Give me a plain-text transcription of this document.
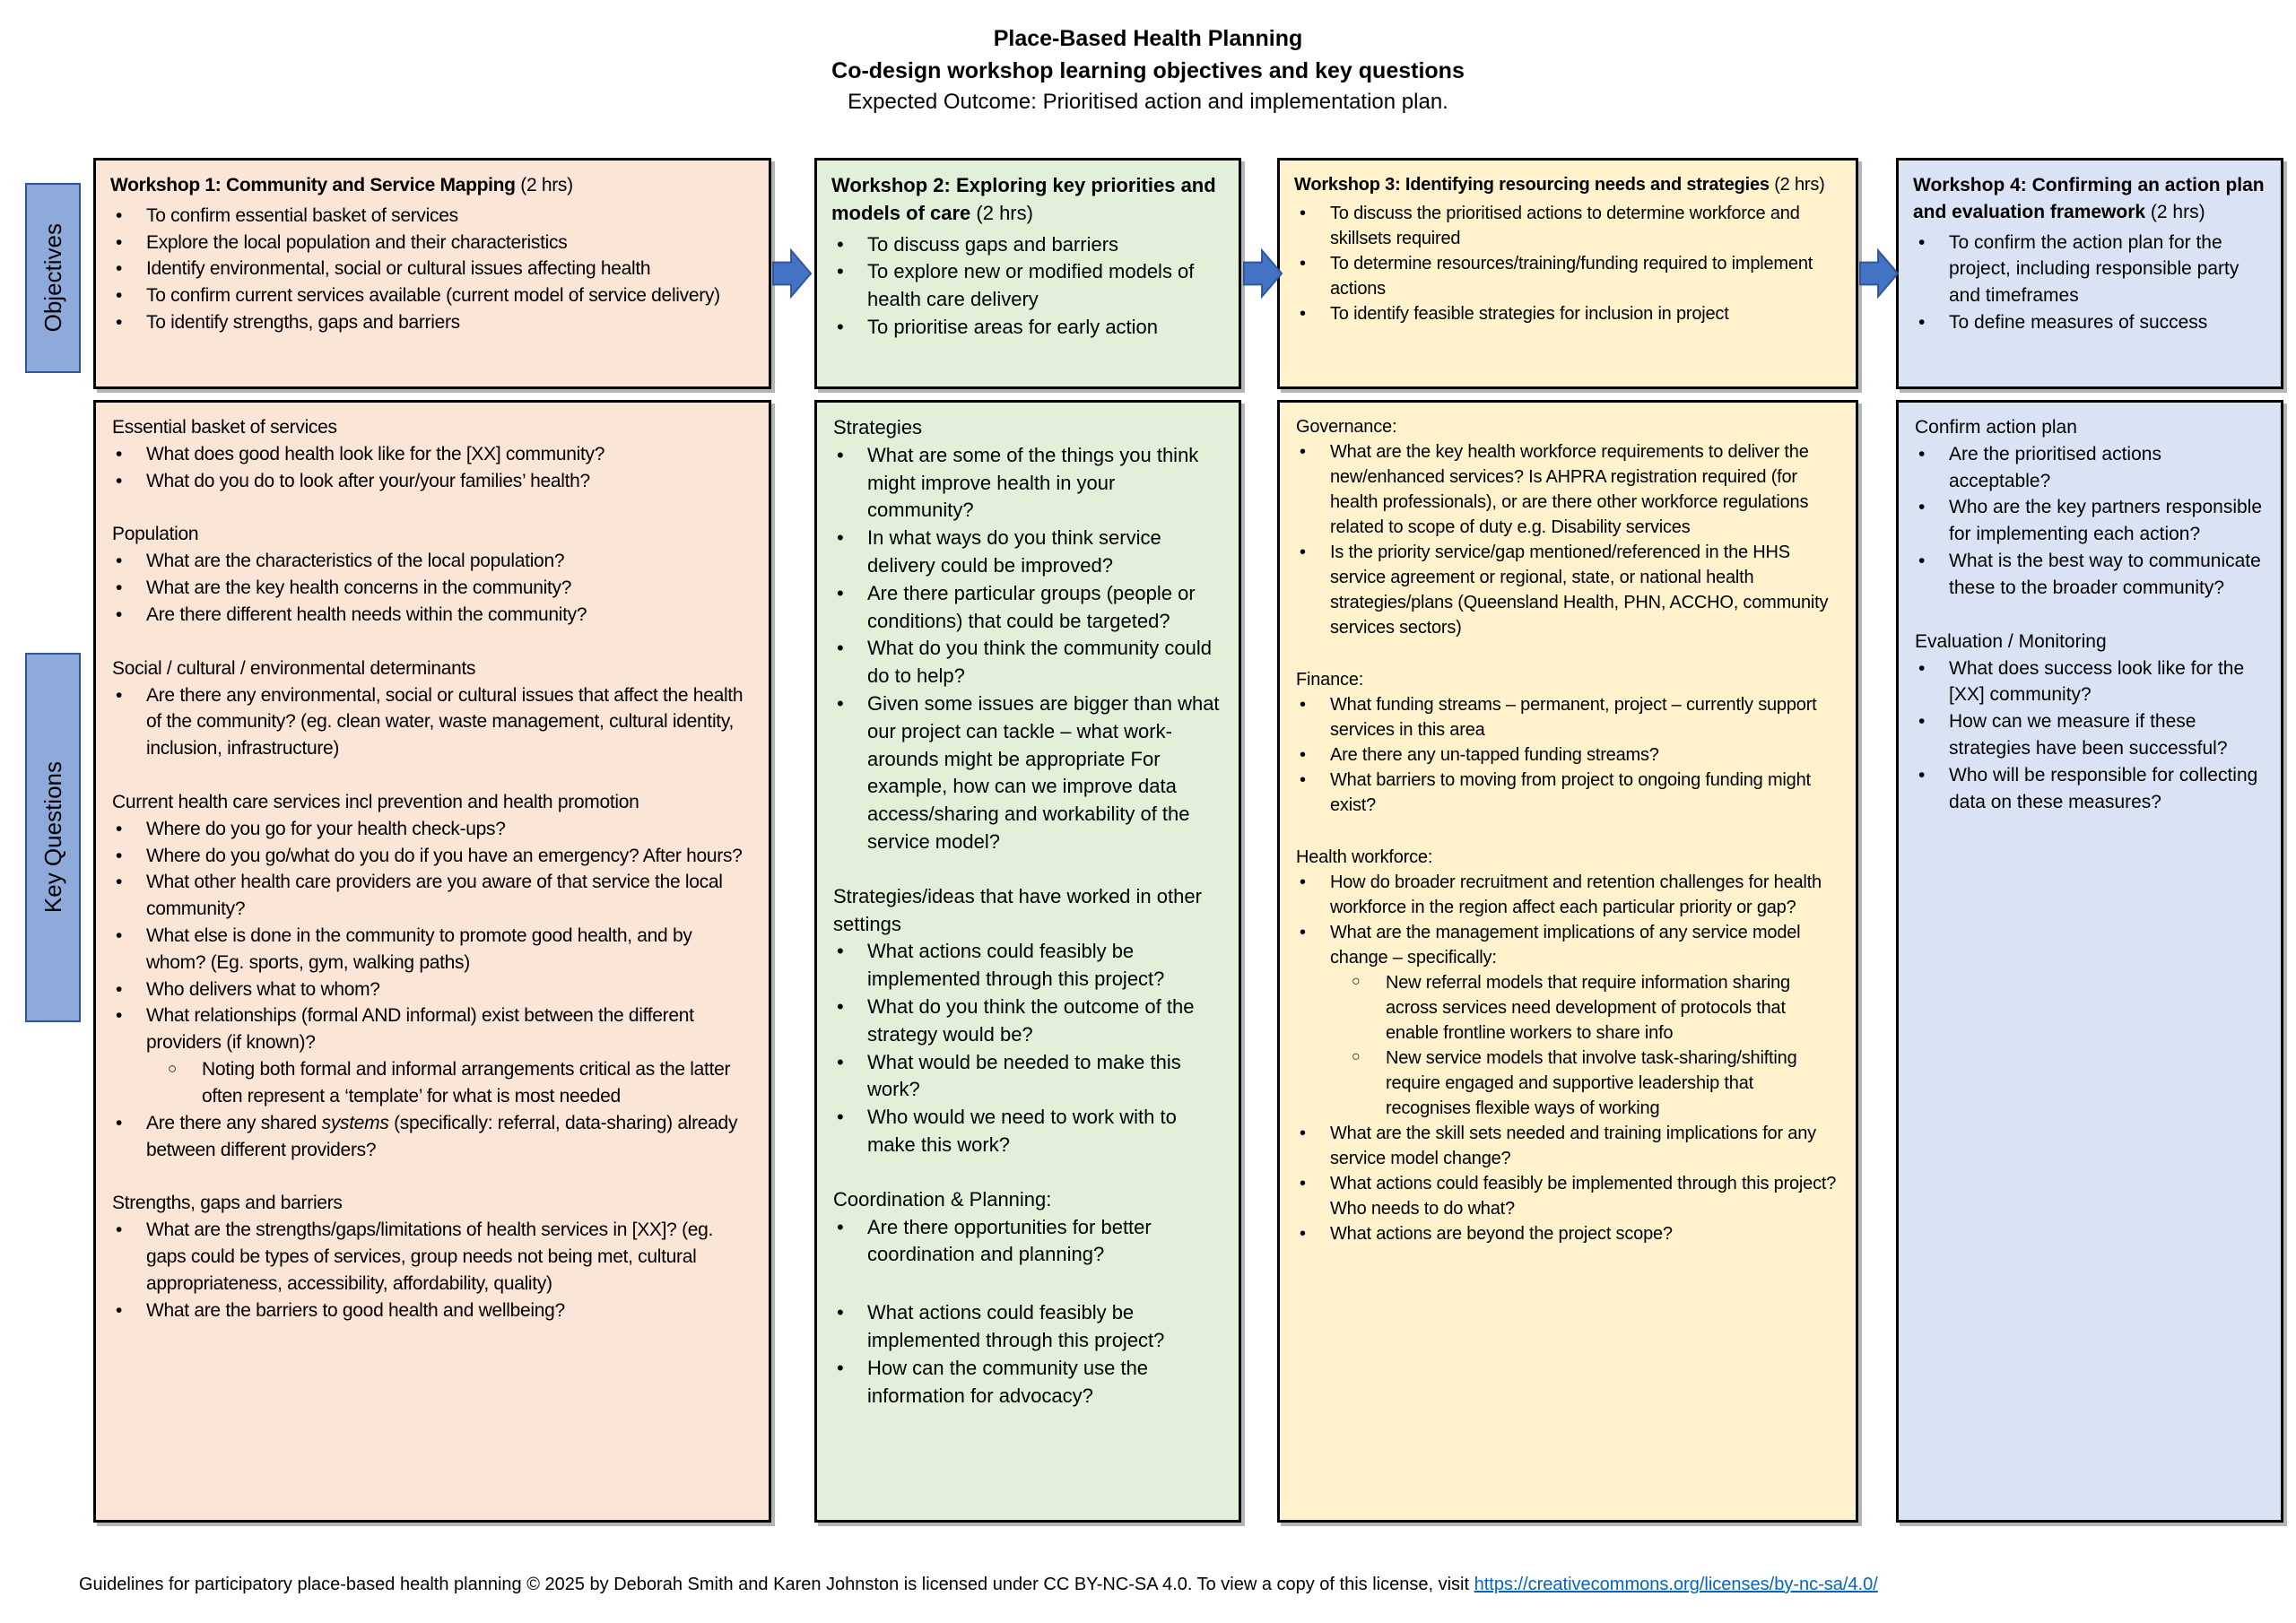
Place-Based Health Planning
Co-design workshop learning objectives and key questions
Expected Outcome: Prioritised action and implementation plan.
Objectives
Key Questions
Workshop 1: Community and Service Mapping (2 hrs)
•	To confirm essential basket of services
•	Explore the local population and their characteristics
•	Identify environmental, social or cultural issues affecting health
•	To confirm current services available (current model of service delivery)
•	To identify strengths, gaps and barriers
Workshop 2: Exploring key priorities and models of care (2 hrs)
•	To discuss gaps and barriers
•	To explore new or modified models of health care delivery
•	To prioritise areas for early action
Workshop 3: Identifying resourcing needs and strategies (2 hrs)
•	To discuss the prioritised actions to determine workforce and skillsets required
•	To determine resources/training/funding required to implement actions
•	To identify feasible strategies for inclusion in project
Workshop 4: Confirming an action plan and evaluation framework (2 hrs)
•	To confirm the action plan for the project, including responsible party and timeframes
•	To define measures of success
Essential basket of services
•	What does good health look like for the [XX] community?
•	What do you do to look after your/your families’ health?
Population
•	What are the characteristics of the local population?
•	What are the key health concerns in the community?
•	Are there different health needs within the community?
Social / cultural / environmental determinants
•	Are there any environmental, social or cultural issues that affect the health of the community? (eg. clean water, waste management, cultural identity, inclusion, infrastructure)
Current health care services incl prevention and health promotion
•	Where do you go for your health check-ups?
•	Where do you go/what do you do if you have an emergency? After hours?
•	What other health care providers are you aware of that service the local community?
•	What else is done in the community to promote good health, and by whom? (Eg. sports, gym, walking paths)
•	Who delivers what to whom?
•	What relationships (formal AND informal) exist between the different providers (if known)?
○	Noting both formal and informal arrangements critical as the latter often represent a ‘template’ for what is most needed
•	Are there any shared systems (specifically: referral, data-sharing) already between different providers?
Strengths, gaps and barriers
•	What are the strengths/gaps/limitations of health services in [XX]? (eg. gaps could be types of services, group needs not being met, cultural appropriateness, accessibility, affordability, quality)
•	What are the barriers to good health and wellbeing?
Strategies
•	What are some of the things you think might improve health in your community?
•	In what ways do you think service delivery could be improved?
•	Are there particular groups (people or conditions) that could be targeted?
•	What do you think the community could do to help?
•	Given some issues are bigger than what our project can tackle – what work-arounds might be appropriate For example, how can we improve data access/sharing and workability of the service model?
Strategies/ideas that have worked in other settings
•	What actions could feasibly be implemented through this project?
•	What do you think the outcome of the strategy would be?
•	What would be needed to make this work?
•	Who would we need to work with to make this work?
Coordination & Planning:
•	Are there opportunities for better coordination and planning?
•	What actions could feasibly be implemented through this project?
•	How can the community use the information for advocacy?
Governance:
•	What are the key health workforce requirements to deliver the new/enhanced services? Is AHPRA registration required (for health professionals), or are there other workforce regulations related to scope of duty e.g. Disability services
•	Is the priority service/gap mentioned/referenced in the HHS service agreement or regional, state, or national health strategies/plans (Queensland Health, PHN, ACCHO, community services sectors)
Finance:
•	What funding streams – permanent, project – currently support services in this area
•	Are there any un-tapped funding streams?
•	What barriers to moving from project to ongoing funding might exist?
Health workforce:
•	How do broader recruitment and retention challenges for health workforce in the region affect each particular priority or gap?
•	What are the management implications of any service model change – specifically:
○	New referral models that require information sharing across services need development of protocols that enable frontline workers to share info
○	New service models that involve task-sharing/shifting require engaged and supportive leadership that recognises flexible ways of working
•	What are the skill sets needed and training implications for any service model change?
•	What actions could feasibly be implemented through this project? Who needs to do what?
•	What actions are beyond the project scope?
Confirm action plan
•	Are the prioritised actions acceptable?
•	Who are the key partners responsible for implementing each action?
•	What is the best way to communicate these to the broader community?
Evaluation / Monitoring
•	What does success look like for the [XX] community?
•	How can we measure if these strategies have been successful?
•	Who will be responsible for collecting data on these measures?
Guidelines for participatory place-based health planning © 2025 by Deborah Smith and Karen Johnston is licensed under CC BY-NC-SA 4.0. To view a copy of this license, visit https://creativecommons.org/licenses/by-nc-sa/4.0/
